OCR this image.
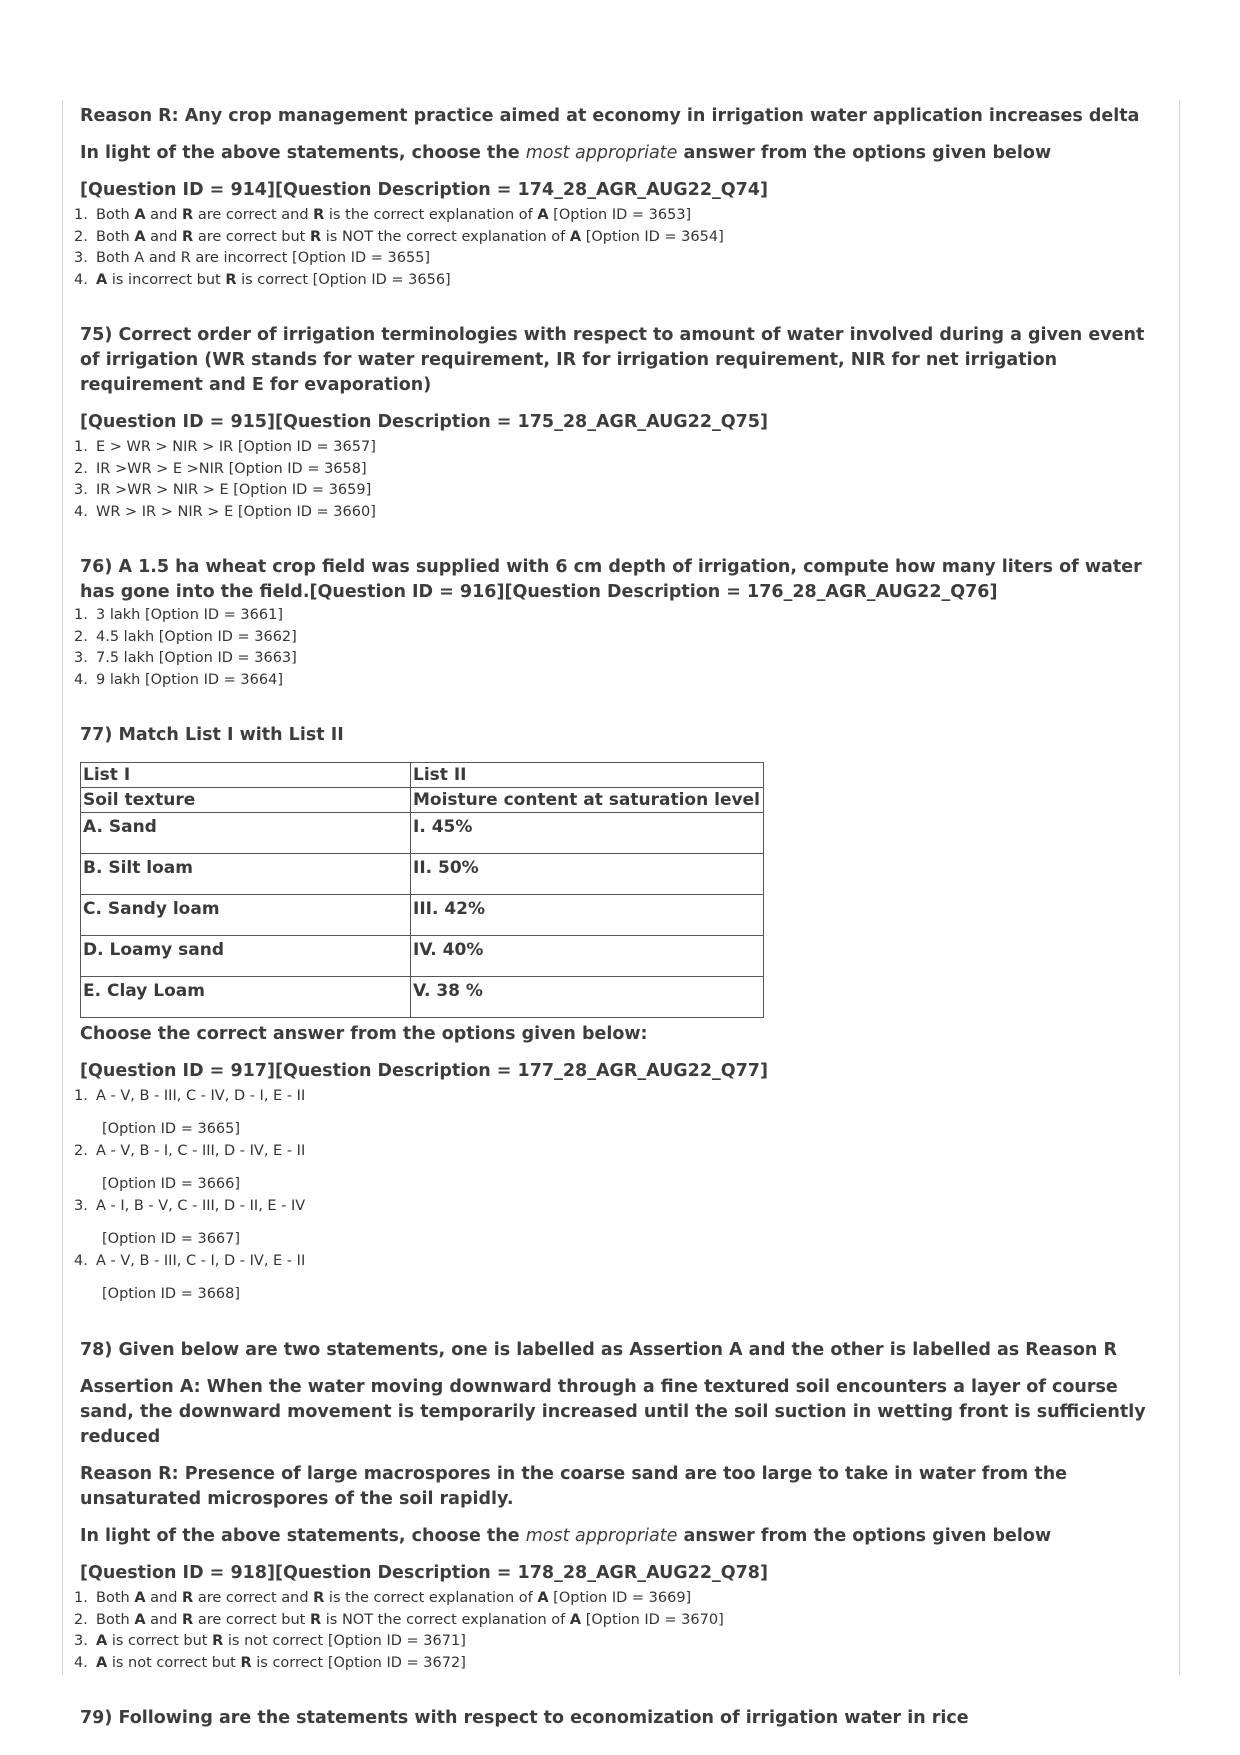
Reason R: Any crop management practice aimed at economy in irrigation water application increases delta

In light of the above statements, choose the most appropriate answer from the options given below

[Question ID = 914][Question Description = 174_28_AGR_AUG22_Q74]

1. Both A and R are correct and R is the correct explanation of A [Option ID = 3653]
2. Both A and R are correct but R is NOT the correct explanation of A [Option ID = 3654]
3. Both A and R are incorrect [Option ID = 3655]
4. A is incorrect but R is correct [Option ID = 3656]

75) Correct order of irrigation terminologies with respect to amount of water involved during a given event of irrigation (WR stands for water requirement, IR for irrigation requirement, NIR for net irrigation requirement and E for evaporation)

[Question ID = 915][Question Description = 175_28_AGR_AUG22_Q75]

1. E > WR > NIR > IR [Option ID = 3657]
2. IR >WR > E >NIR [Option ID = 3658]
3. IR >WR > NIR > E [Option ID = 3659]
4. WR > IR > NIR > E [Option ID = 3660]

76) A 1.5 ha wheat crop field was supplied with 6 cm depth of irrigation, compute how many liters of water has gone into the field.[Question ID = 916][Question Description = 176_28_AGR_AUG22_Q76]

1. 3 lakh [Option ID = 3661]
2. 4.5 lakh [Option ID = 3662]
3. 7.5 lakh [Option ID = 3663]
4. 9 lakh [Option ID = 3664]

77) Match List I with List II

List I	List II
Soil texture	Moisture content at saturation level
A. Sand	I. 45%
B. Silt loam	II. 50%
C. Sandy loam	III. 42%
D. Loamy sand	IV. 40%
E. Clay Loam	V. 38 %

Choose the correct answer from the options given below:

[Question ID = 917][Question Description = 177_28_AGR_AUG22_Q77]

1. A - V, B - III, C - IV, D - I, E - II
[Option ID = 3665]
2. A - V, B - I, C - III, D - IV, E - II
[Option ID = 3666]
3. A - I, B - V, C - III, D - II, E - IV
[Option ID = 3667]
4. A - V, B - III, C - I, D - IV, E - II
[Option ID = 3668]

78) Given below are two statements, one is labelled as Assertion A and the other is labelled as Reason R

Assertion A: When the water moving downward through a fine textured soil encounters a layer of course sand, the downward movement is temporarily increased until the soil suction in wetting front is sufficiently reduced

Reason R: Presence of large macrospores in the coarse sand are too large to take in water from the unsaturated microspores of the soil rapidly.

In light of the above statements, choose the most appropriate answer from the options given below

[Question ID = 918][Question Description = 178_28_AGR_AUG22_Q78]

1. Both A and R are correct and R is the correct explanation of A [Option ID = 3669]
2. Both A and R are correct but R is NOT the correct explanation of A [Option ID = 3670]
3. A is correct but R is not correct [Option ID = 3671]
4. A is not correct but R is correct [Option ID = 3672]

79) Following are the statements with respect to economization of irrigation water in rice
